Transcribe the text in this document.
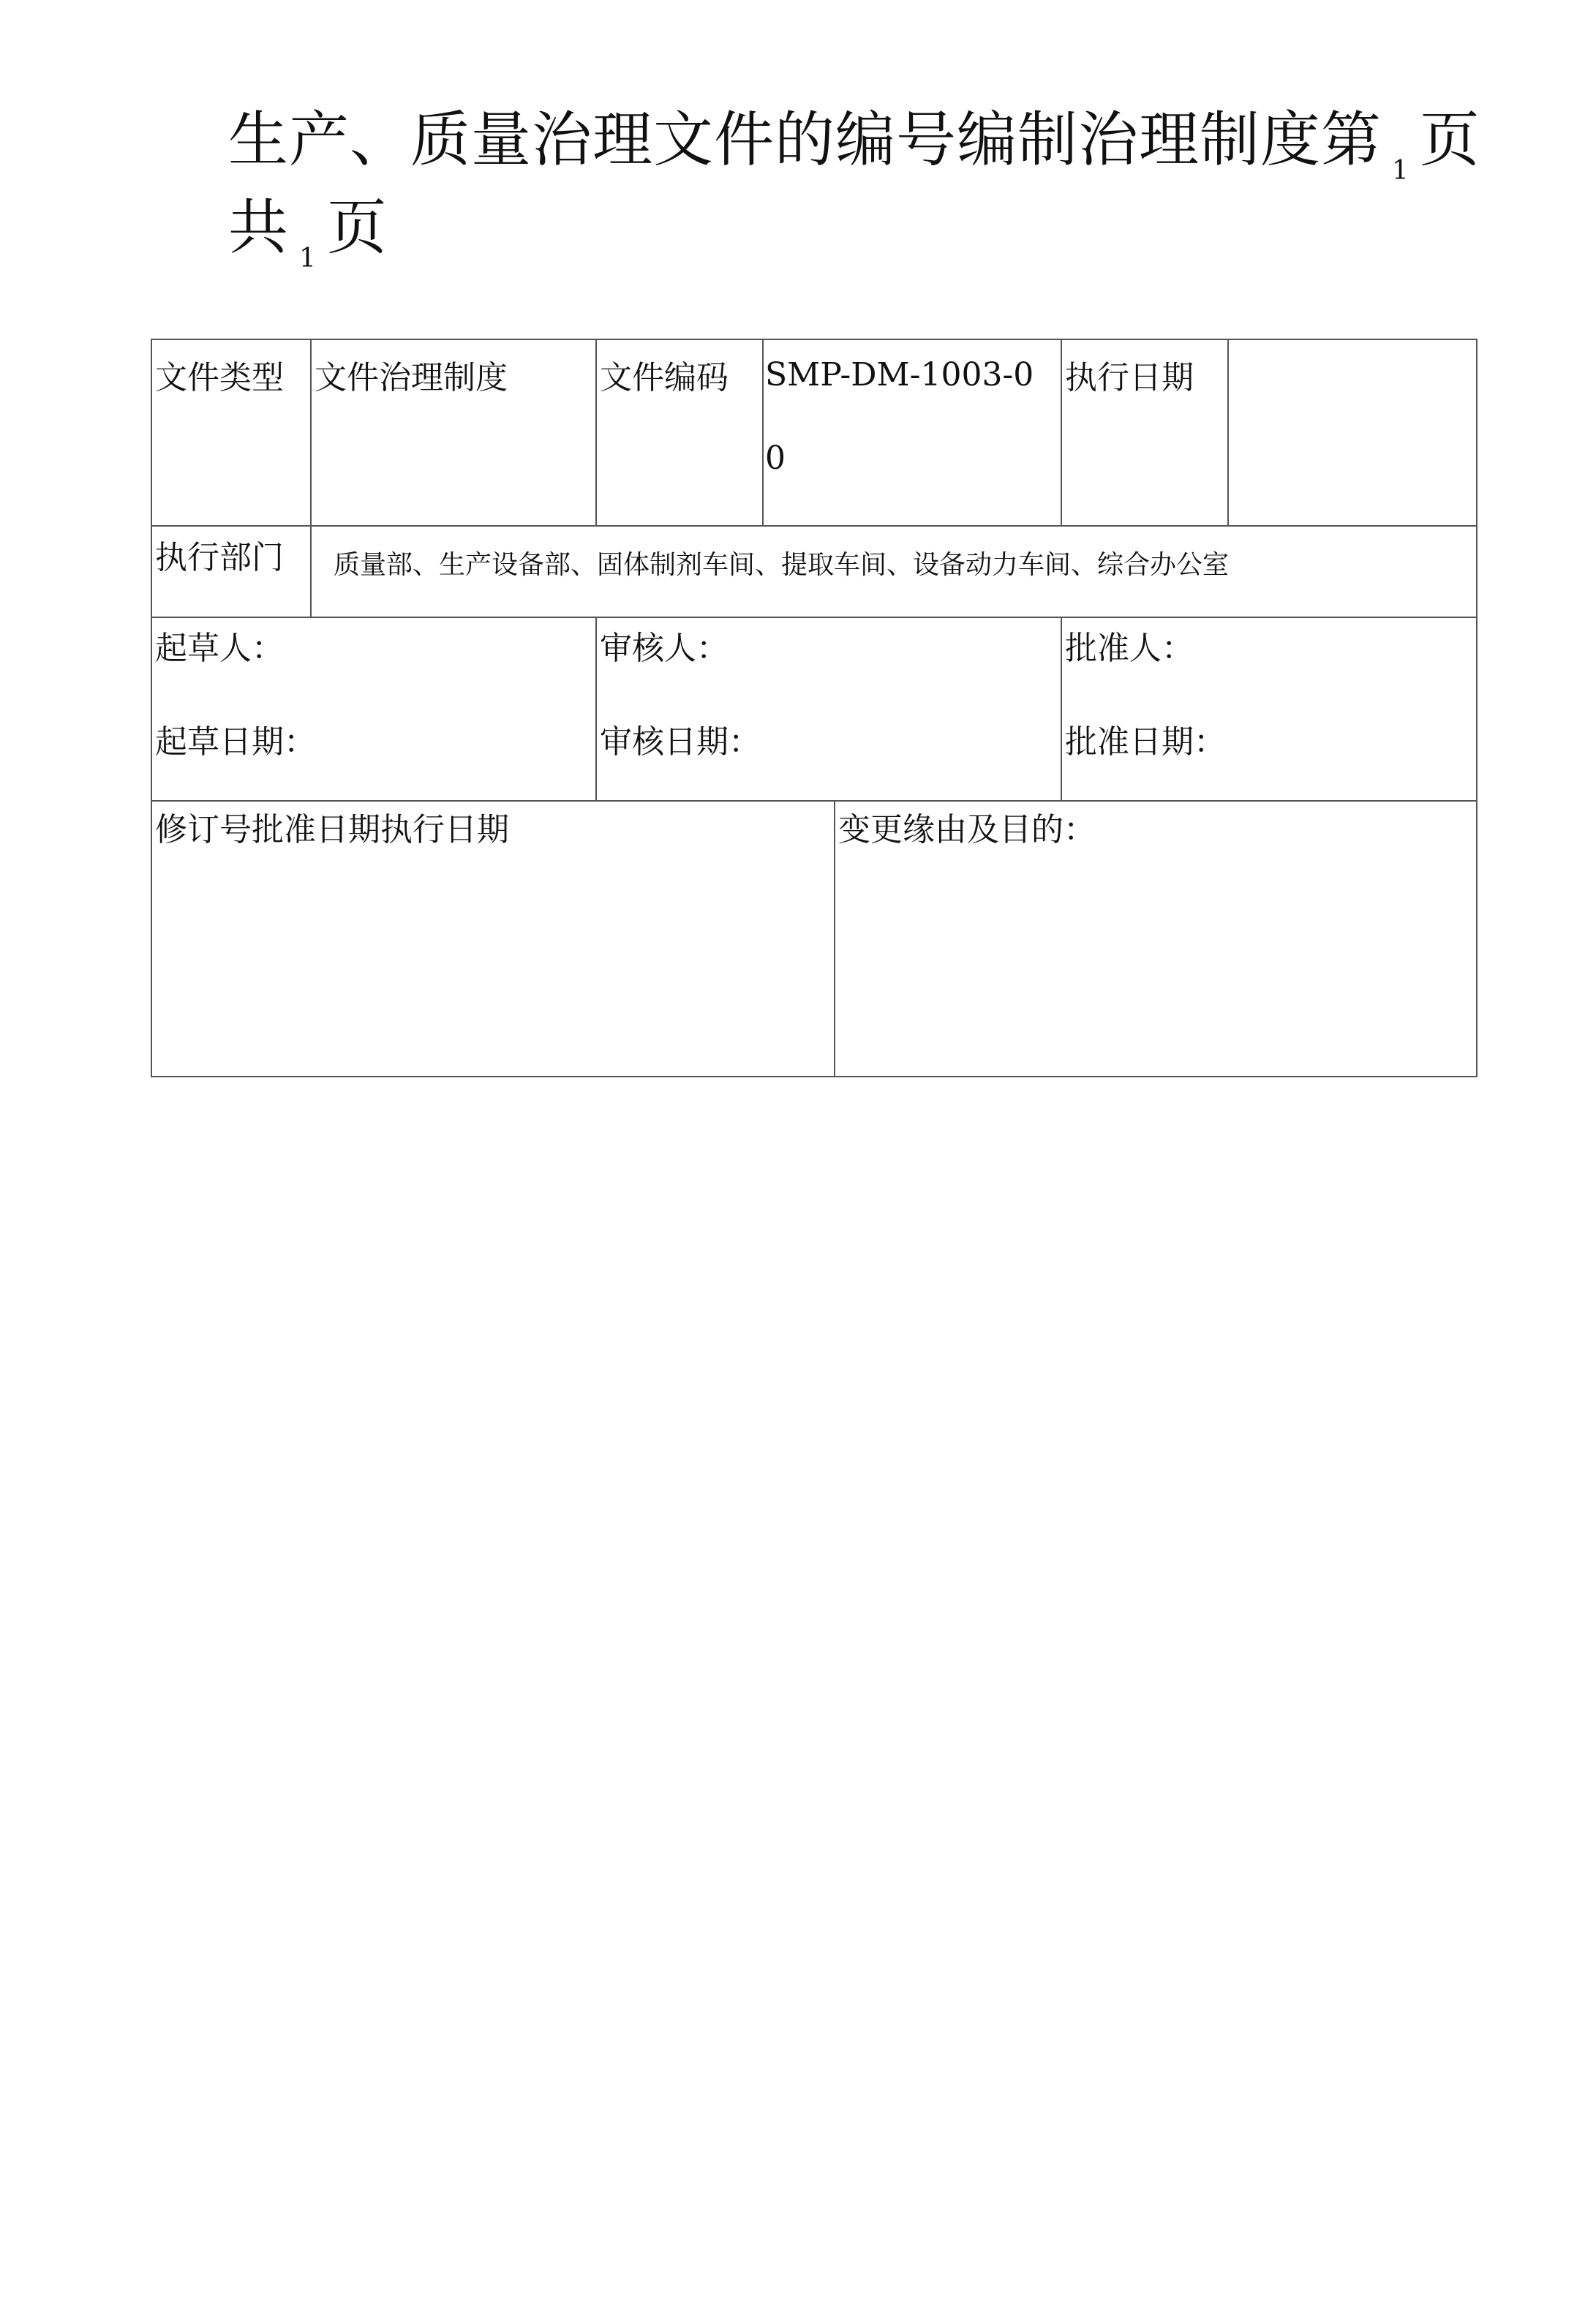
生产、质量治理文件的编号编制治理制度第 $_1$ 页
共 $_1$ 页
文件类型 文件治理制度	文件编码 SMP-DM-1003-0
0
执行日期
执行部门 质量部、生产设备部、固体制剂车间、提取车间、设备动力车间、综合办公室
起草人：
起草日期：
审核人：
审核日期：
批准人：
批准日期：
修订号批准日期执行日期	变更缘由及目的：
